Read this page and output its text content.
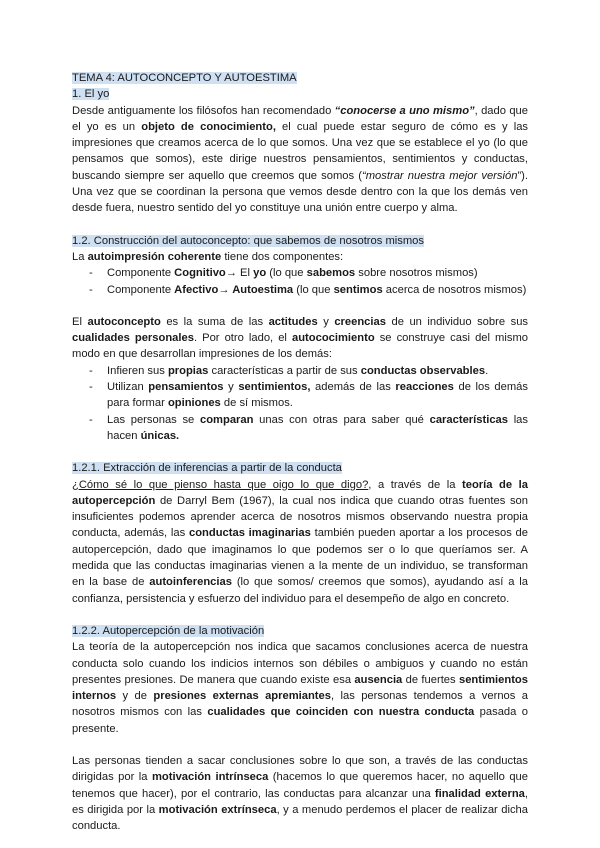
TEMA 4: AUTOCONCEPTO Y AUTOESTIMA
1. El yo

Desde antiguamente los filósofos han recomendado “conocerse a uno mismo”, dado que el yo es un objeto de conocimiento, el cual puede estar seguro de cómo es y las impresiones que creamos acerca de lo que somos. Una vez que se establece el yo (lo que pensamos que somos), este dirige nuestros pensamientos, sentimientos y conductas, buscando siempre ser aquello que creemos que somos (“mostrar nuestra mejor versión”). Una vez que se coordinan la persona que vemos desde dentro con la que los demás ven desde fuera, nuestro sentido del yo constituye una unión entre cuerpo y alma.

1.2. Construcción del autoconcepto: que sabemos de nosotros mismos

La autoimpresión coherente tiene dos componentes:

- Componente Cognitivo→ El yo (lo que sabemos sobre nosotros mismos)
- Componente Afectivo→ Autoestima (lo que sentimos acerca de nosotros mismos)

El autoconcepto es la suma de las actitudes y creencias de un individuo sobre sus cualidades personales. Por otro lado, el autococimiento se construye casi del mismo modo en que desarrollan impresiones de los demás:

- Infieren sus propias características a partir de sus conductas observables.
- Utilizan pensamientos y sentimientos, además de las reacciones de los demás para formar opiniones de sí mismos.
- Las personas se comparan unas con otras para saber qué características las hacen únicas.
1.2.1. Extracción de inferencias a partir de la conducta

¿Cómo sé lo que pienso hasta que oigo lo que digo?, a través de la teoría de la autopercepción de Darryl Bem (1967), la cual nos indica que cuando otras fuentes son insuficientes podemos aprender acerca de nosotros mismos observando nuestra propia conducta, además, las conductas imaginarias también pueden aportar a los procesos de autopercepción, dado que imaginamos lo que podemos ser o lo que queríamos ser. A medida que las conductas imaginarias vienen a la mente de un individuo, se transforman en la base de autoinferencias (lo que somos/ creemos que somos), ayudando así a la confianza, persistencia y esfuerzo del individuo para el desempeño de algo en concreto.

1.2.2. Autopercepción de la motivación

La teoría de la autopercepción nos indica que sacamos conclusiones acerca de nuestra conducta solo cuando los indicios internos son débiles o ambiguos y cuando no están presentes presiones. De manera que cuando existe esa ausencia de fuertes sentimientos internos y de presiones externas apremiantes, las personas tendemos a vernos a nosotros mismos con las cualidades que coinciden con nuestra conducta pasada o presente.

Las personas tienden a sacar conclusiones sobre lo que son, a través de las conductas dirigidas por la motivación intrínseca (hacemos lo que queremos hacer, no aquello que tenemos que hacer), por el contrario, las conductas para alcanzar una finalidad externa, es dirigida por la motivación extrínseca, y a menudo perdemos el placer de realizar dicha conducta.
